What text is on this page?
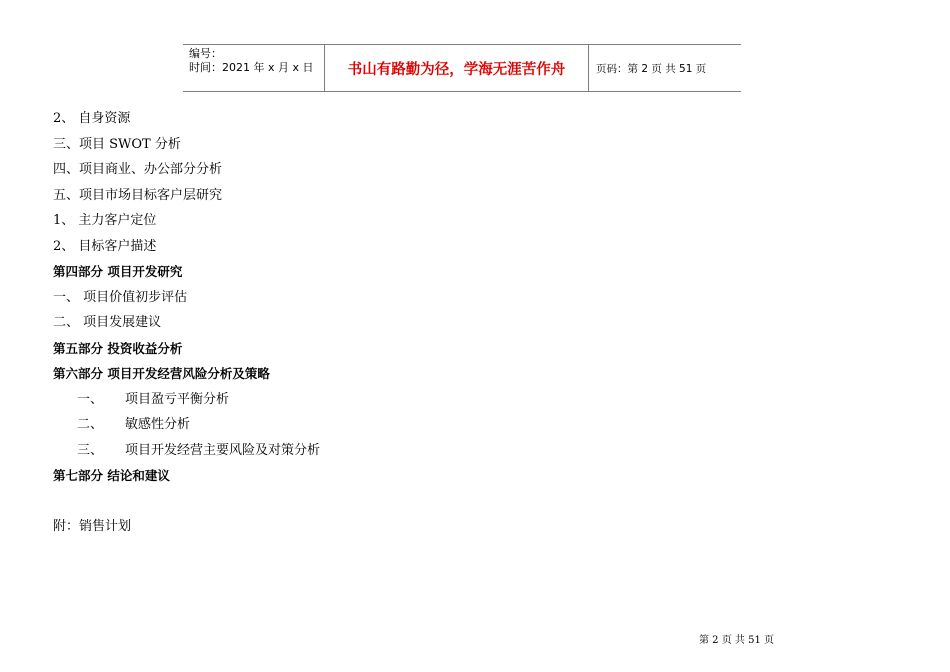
编号：
时间：2021 年 x 月 x 日	书山有路勤为径，学海无涯苦作舟	页码：第 2 页 共 51 页
2、 自身资源
三、项目 SWOT 分析
四、项目商业、办公部分分析
五、项目市场目标客户层研究
1、 主力客户定位
2、 目标客户描述
第四部分 项目开发研究
一、 项目价值初步评估
二、 项目发展建议
第五部分 投资收益分析
第六部分 项目开发经营风险分析及策略
一、 项目盈亏平衡分析
二、 敏感性分析
三、 项目开发经营主要风险及对策分析
第七部分 结论和建议
附：销售计划
第 2 页 共 51 页
